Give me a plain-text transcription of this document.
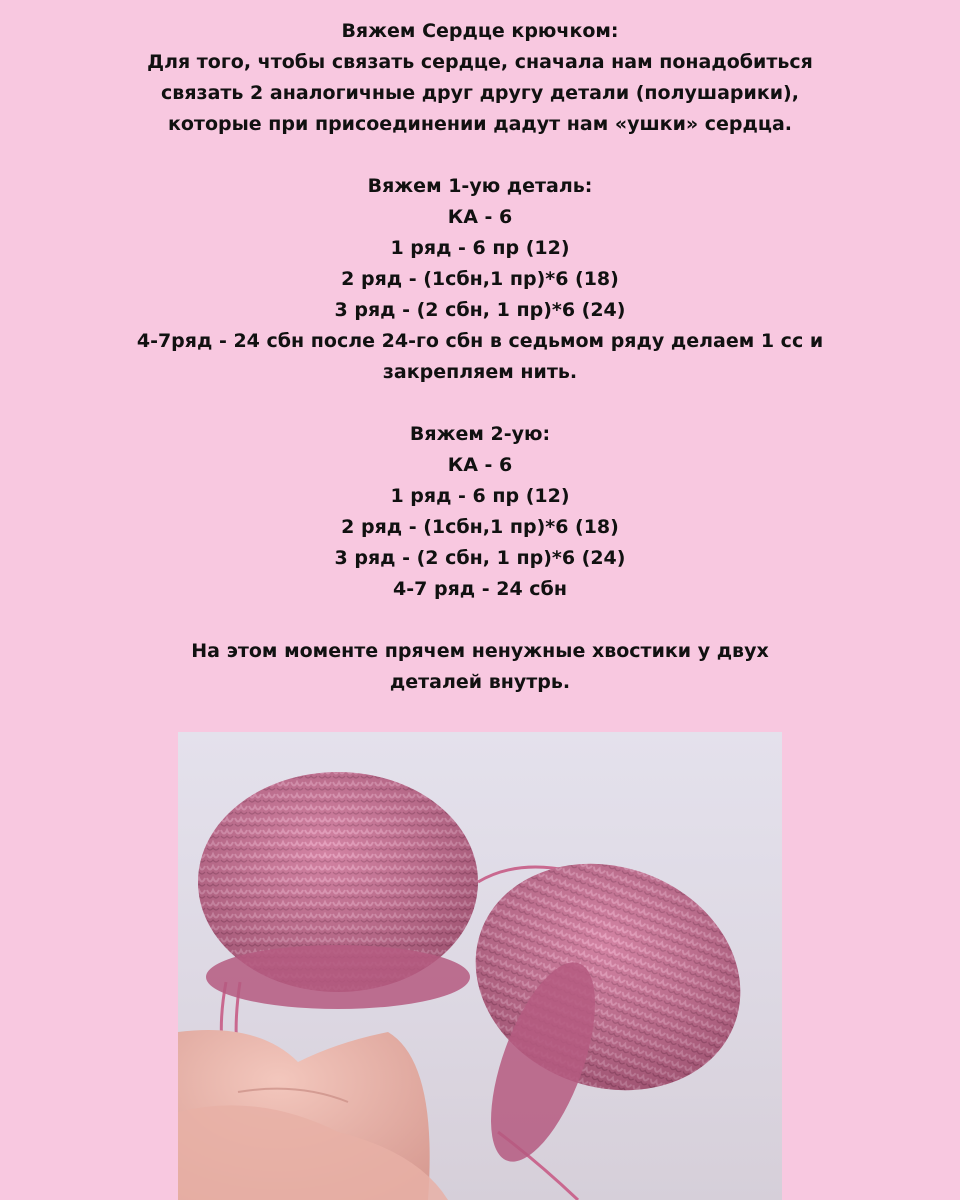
Вяжем Сердце крючком:
Для того, чтобы связать сердце, сначала нам понадобиться
связать 2 аналогичные друг другу детали (полушарики),
которые при присоединении дадут нам «ушки» сердца.
Вяжем 1-ую деталь:
КА - 6
1 ряд - 6 пр (12)
2 ряд - (1сбн,1 пр)*6 (18)
3 ряд - (2 сбн, 1 пр)*6 (24)
4-7ряд - 24 сбн после 24-го сбн в седьмом ряду делаем 1 сс и
закрепляем нить.
Вяжем 2-ую:
КА - 6
1 ряд - 6 пр (12)
2 ряд - (1сбн,1 пр)*6 (18)
3 ряд - (2 сбн, 1 пр)*6 (24)
4-7 ряд - 24 сбн
На этом моменте прячем ненужные хвостики у двух
деталей внутрь.
